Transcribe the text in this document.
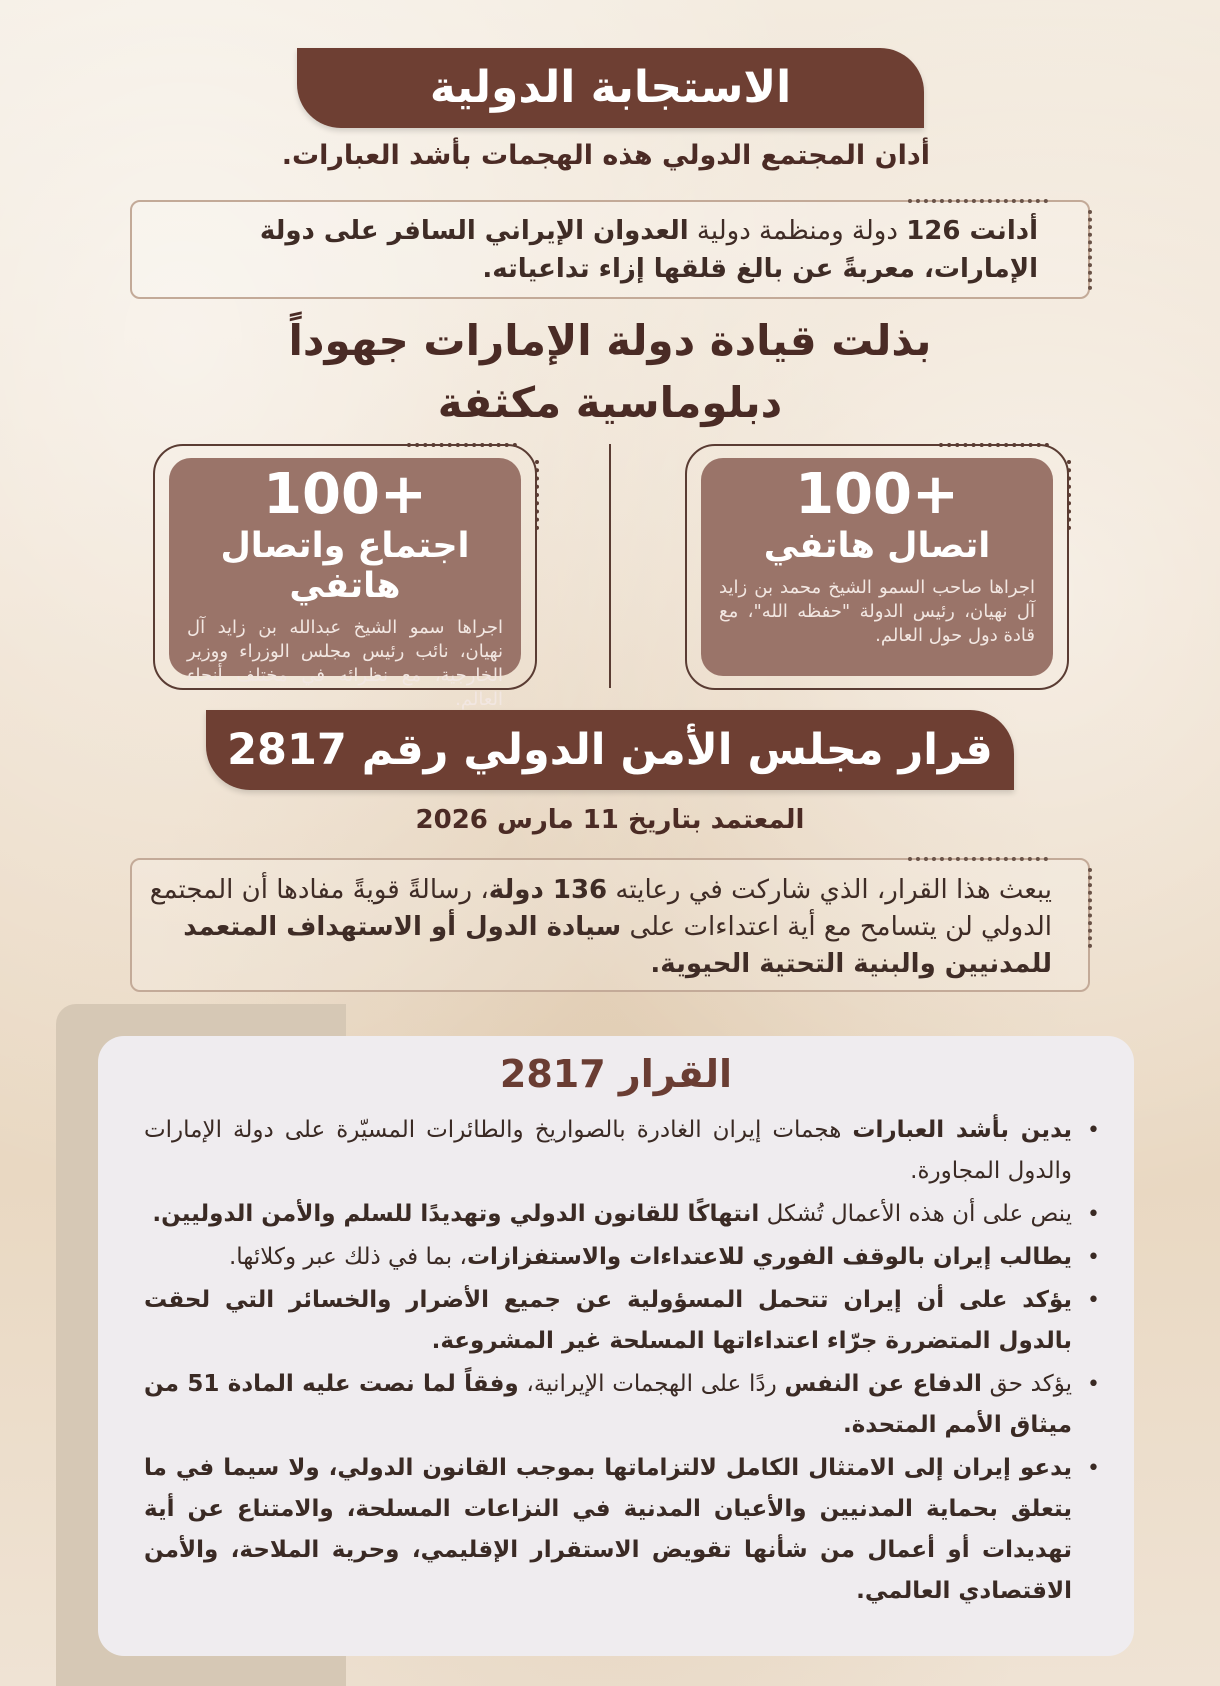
الاستجابة الدولية
أدان المجتمع الدولي هذه الهجمات بأشد العبارات.
أدانت 126 دولة ومنظمة دولية العدوان الإيراني السافر على دولة الإمارات، معربةً عن بالغ قلقها إزاء تداعياته.
بذلت قيادة دولة الإمارات جهوداً
دبلوماسية مكثفة
100+
اتصال هاتفي
اجراها صاحب السمو الشيخ محمد بن زايد آل نهيان، رئيس الدولة "حفظه الله"، مع قادة دول حول العالم.
100+
اجتماع واتصال هاتفي
اجراها سمو الشيخ عبدالله بن زايد آل نهيان، نائب رئيس مجلس الوزراء ووزير الخارجية، مع نظرائه في مختلف أنحاء العالم.
قرار مجلس الأمن الدولي رقم 2817
المعتمد بتاريخ 11 مارس 2026
يبعث هذا القرار، الذي شاركت في رعايته 136 دولة، رسالةً قويةً مفادها أن المجتمع الدولي لن يتسامح مع أية اعتداءات على سيادة الدول أو الاستهداف المتعمد للمدنيين والبنية التحتية الحيوية.
القرار 2817
• يدين بأشد العبارات هجمات إيران الغادرة بالصواريخ والطائرات المسيّرة على دولة الإمارات والدول المجاورة.
• ينص على أن هذه الأعمال تُشكل انتهاكًا للقانون الدولي وتهديدًا للسلم والأمن الدوليين.
• يطالب إيران بالوقف الفوري للاعتداءات والاستفزازات، بما في ذلك عبر وكلائها.
• يؤكد على أن إيران تتحمل المسؤولية عن جميع الأضرار والخسائر التي لحقت بالدول المتضررة جرّاء اعتداءاتها المسلحة غير المشروعة.
• يؤكد حق الدفاع عن النفس ردًا على الهجمات الإيرانية، وفقاً لما نصت عليه المادة 51 من ميثاق الأمم المتحدة.
• يدعو إيران إلى الامتثال الكامل لالتزاماتها بموجب القانون الدولي، ولا سيما في ما يتعلق بحماية المدنيين والأعيان المدنية في النزاعات المسلحة، والامتناع عن أية تهديدات أو أعمال من شأنها تقويض الاستقرار الإقليمي، وحرية الملاحة، والأمن الاقتصادي العالمي.
